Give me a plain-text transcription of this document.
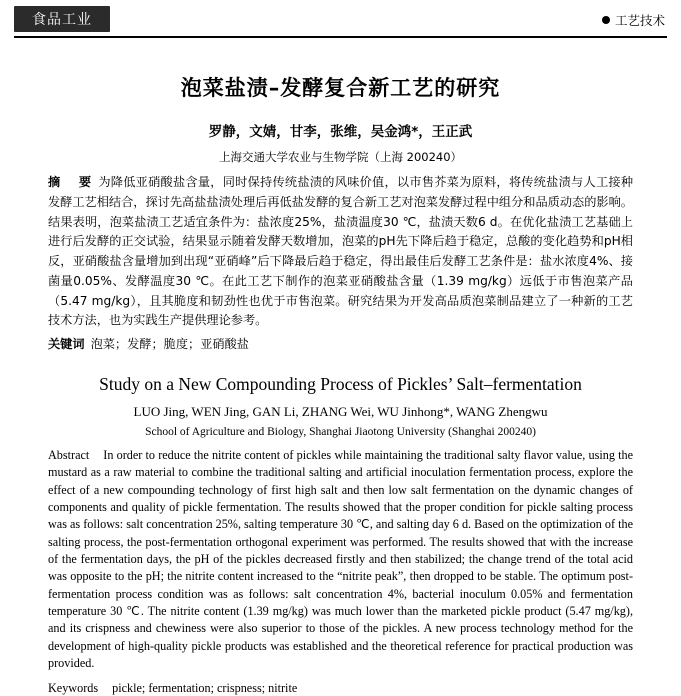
食品工业	工艺技术
泡菜盐渍–发酵复合新工艺的研究
罗静，文婧，甘李，张维，吴金鸿*，王正武
上海交通大学农业与生物学院（上海 200240）
摘　要 为降低亚硝酸盐含量，同时保持传统盐渍的风味价值，以市售芥菜为原料，将传统盐渍与人工接种发酵工艺相结合，探讨先高盐盐渍处理后再低盐发酵的复合新工艺对泡菜发酵过程中组分和品质动态的影响。结果表明，泡菜盐渍工艺适宜条件为：盐浓度25%，盐渍温度30 ℃，盐渍天数6 d。在优化盐渍工艺基础上进行后发酵的正交试验，结果显示随着发酵天数增加，泡菜的pH先下降后趋于稳定，总酸的变化趋势和pH相反，亚硝酸盐含量增加到出现“亚硝峰”后下降最后趋于稳定，得出最佳后发酵工艺条件是：盐水浓度4%、接菌量0.05%、发酵温度30 ℃。在此工艺下制作的泡菜亚硝酸盐含量（1.39 mg/kg）远低于市售泡菜产品（5.47 mg/kg），且其脆度和韧劲性也优于市售泡菜。研究结果为开发高品质泡菜制品建立了一种新的工艺技术方法，也为实践生产提供理论参考。
关键词 泡菜；发酵；脆度；亚硝酸盐
Study on a New Compounding Process of Pickles’ Salt–fermentation
LUO Jing, WEN Jing, GAN Li, ZHANG Wei, WU Jinhong*, WANG Zhengwu
School of Agriculture and Biology, Shanghai Jiaotong University (Shanghai 200240)
Abstract In order to reduce the nitrite content of pickles while maintaining the traditional salty flavor value, using the mustard as a raw material to combine the traditional salting and artificial inoculation fermentation process, explore the effect of a new compounding technology of first high salt and then low salt fermentation on the dynamic changes of components and quality of pickle fermentation. The results showed that the proper condition for pickle salting process was as follows: salt concentration 25%, salting temperature 30 ℃, and salting day 6 d. Based on the optimization of the salting process, the post-fermentation orthogonal experiment was performed. The results showed that with the increase of the fermentation days, the pH of the pickles decreased firstly and then stabilized; the change trend of the total acid was opposite to the pH; the nitrite content increased to the “nitrite peak”, then dropped to be stable. The optimum post-fermentation process condition was as follows: salt concentration 4%, bacterial inoculum 0.05% and fermentation temperature 30 ℃. The nitrite content (1.39 mg/kg) was much lower than the marketed pickle product (5.47 mg/kg), and its crispness and chewiness were also superior to those of the pickles. A new process technology method for the development of high-quality pickle products was established and the theoretical reference for practical production was provided.
Keywords pickle; fermentation; crispness; nitrite
